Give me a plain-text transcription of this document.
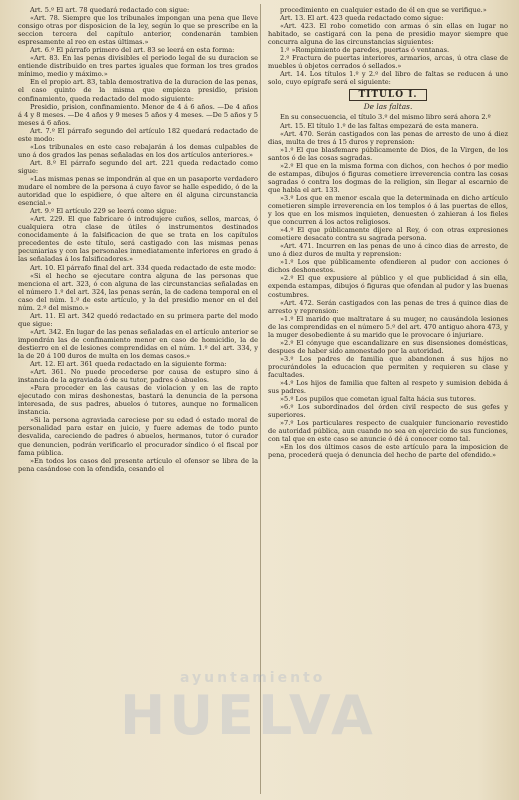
Art. 5.º El art. 78 quedará redactado con sigue:

«Art. 78. Siempre que los tribunales impongan una pena que lleve consigo otras por disposicion de la ley, según lo que se prescribe en la seccion tercera del capítulo anterior, condenarán tambien espresamente al reo en estas últimas.»

Art. 6.º El párrafo primero del art. 83 se leerá en esta forma:

«Art. 83. En las penas divisibles el periodo legal de su duracion se entiende distribuido en tres partes iguales que forman los tres grados mínimo, medio y máximo.»

En el propio art. 83, tabla demostrativa de la duracion de las penas, el caso quinto de la misma que empieza presidio, prision confinamiento, queda redactado del modo siguiente:

Presidio, prision, confinamiento. Menor de 4 á 6 años. —De 4 años á 4 y 8 meses. —De 4 años y 9 meses 5 años y 4 meses. —De 5 años y 5 meses á 6 años.

Art. 7.º El párrafo segundo del artículo 182 quedará redactado de este modo:

«Los tribunales en este caso rebajarán á los demas culpables de uno á dos grados las penas señaladas en los dos artículos anteriores.»

Art. 8.º El párrafo segundo del art. 221 queda redactado como sigue:

«Las mismas penas se impondrán al que en un pasaporte verdadero mudare el nombre de la persona á cuyo favor se halle espedido, ó de la autoridad que lo espidiere, ó que altere en él alguna circunstancia esencial.»

Art. 9.º El artículo 229 se leerá como sigue:

«Art. 229. El que fabricare ó introdujere cuños, sellos, marcas, ó cualquiera otra clase de útiles ó instrumentos destinados conocidamente á la falsificacion de que se trata en los capítulos precedentes de este título, será castigado con las mismas penas pecuniarias y con las personales inmediatamente inferiores en grado á las señaladas á los falsificadores.»

Art. 10. El párrafo final del art. 334 queda redactado de este modo:

«Si el hecho se ejecutare contra alguna de las personas que menciona el art. 323, ó con alguna de las circunstancias señaladas en el número 1.º del art. 324, las penas serán, la de cadena temporal en el caso del núm. 1.º de este artículo, y la del presidio menor en el del núm. 2.º del mismo.»

Art. 11. El art. 342 quedó redactado en su primera parte del modo que sigue:

«Art. 342. En lugar de las penas señaladas en el artículo anterior se impondrán las de confinamiento menor en caso de homicidio, la de destierro en el de lesiones comprendidas en el núm. 1.º del art. 334, y la de 20 á 100 duros de multa en los demas casos.»

Art. 12. El art. 361 queda redactado en la siguiente forma:

«Art. 361. No puede procederse por causa de estupro sino á instancia de la agraviada ó de su tutor, padres ó abuelos.

»Para proceder en las causas de violacion y en las de rapto ejecutado con miras deshonestas, bastará la denuncia de la persona interesada, de sus padres, abuelos ó tutores, aunque no formalicen instancia.

»Si la persona agraviada careciese por su edad ó estado moral de personalidad para estar en juicio, y fuere ademas de todo punto desvalida, careciendo de padres ó abuelos, hermanos, tutor ó curador que denuncien, podrán verificarlo el procurador síndico ó el fiscal por fama pública.

»En todos los casos del presente artículo el ofensor se libra de la pena casándose con la ofendida, cesando el

procedimiento en cualquier estado de él en que se verifique.»

Art. 13. El art. 423 queda redactado como sigue:

«Art. 423. El robo cometido con armas ó sin ellas en lugar no habitado, se castigará con la pena de presidio mayor siempre que concurra alguna de las circunstancias siguientes:

1.º »Rompimiento de paredes, puertas ó ventanas.

2.º Fractura de puertas interiores, armarios, arcas, ú otra clase de muebles ú objetos cerrados ó sellados.»

Art. 14. Los títulos 1.º y 2.º del libro de faltas se reducen á uno solo, cuyo epígrafe será el siguiente:

TITULO I.
De las faltas.

En su consecuencia, el título 3.º del mismo libro será ahora 2.º

Art. 15. El título 1.º de las faltas empezará de esta manera.

«Art. 470. Serán castigados con las penas de arresto de uno á diez dias, multa de tres á 15 duros y reprension:

»1.º El que blasfemare públicamente de Dios, de la Virgen, de los santos ó de las cosas sagradas.

»2.º El que en la misma forma con dichos, con hechos ó por medio de estampas, dibujos ó figuras cometiere irreverencia contra las cosas sagradas ó contra los dogmas de la religion, sin llegar al escarnio de que habla el art. 133.

»3.º Los que en menor escala que la determinada en dicho artículo cometieren simple irreverencia en los templos ó á las puertas de ellos, y los que en los mismos inquieten, denuesten ó zahieran á los fieles que concurren á los actos religiosos.

»4.º El que públicamente dijere al Rey, ó con otras expresiones cometiere desacato contra su sagrada persona.

«Art. 471. Incurren en las penas de uno á cinco dias de arresto, de uno á diez duros de multa y reprension:

»1.º Los que públicamente ofendieren al pudor con acciones ó dichos deshonestos.

»2.º El que expusiere al público y el que publicidad á sin ella, expenda estampas, dibujos ó figuras que ofendan al pudor y las buenas costumbres.

«Art. 472. Serán castigados con las penas de tres á quince dias de arresto y reprension:

»1.º El marido que maltratare á su muger, no causándola lesiones de las comprendidas en el número 5.º del art. 470 antiguo ahora 473, y la muger desobediente á su marido que le provocare ó injuriare.

»2.º El cónyuge que escandalizare en sus disensiones domésticas, despues de haber sido amonestado por la autoridad.

»3.º Los padres de familia que abandonen á sus hijos no procurándoles la educacion que permiten y requieren su clase y facultades.

»4.º Los hijos de familia que falten al respeto y sumision debida á sus padres.

»5.º Los pupilos que cometan igual falta hácia sus tutores.

»6.º Los subordinados del órden civil respecto de sus gefes y superiores.

»7.º Los particulares respecto de cualquier funcionario revestido de autoridad pública, aun cuando no sea en ejercicio de sus funciones, con tal que en este caso se anuncie ó dé á conocer como tal.

»En los dos últimos casos de este artículo para la imposicion de pena, procederá queja ó denuncia del hecho de parte del ofendido.»

HUELVA
ayuntamiento
